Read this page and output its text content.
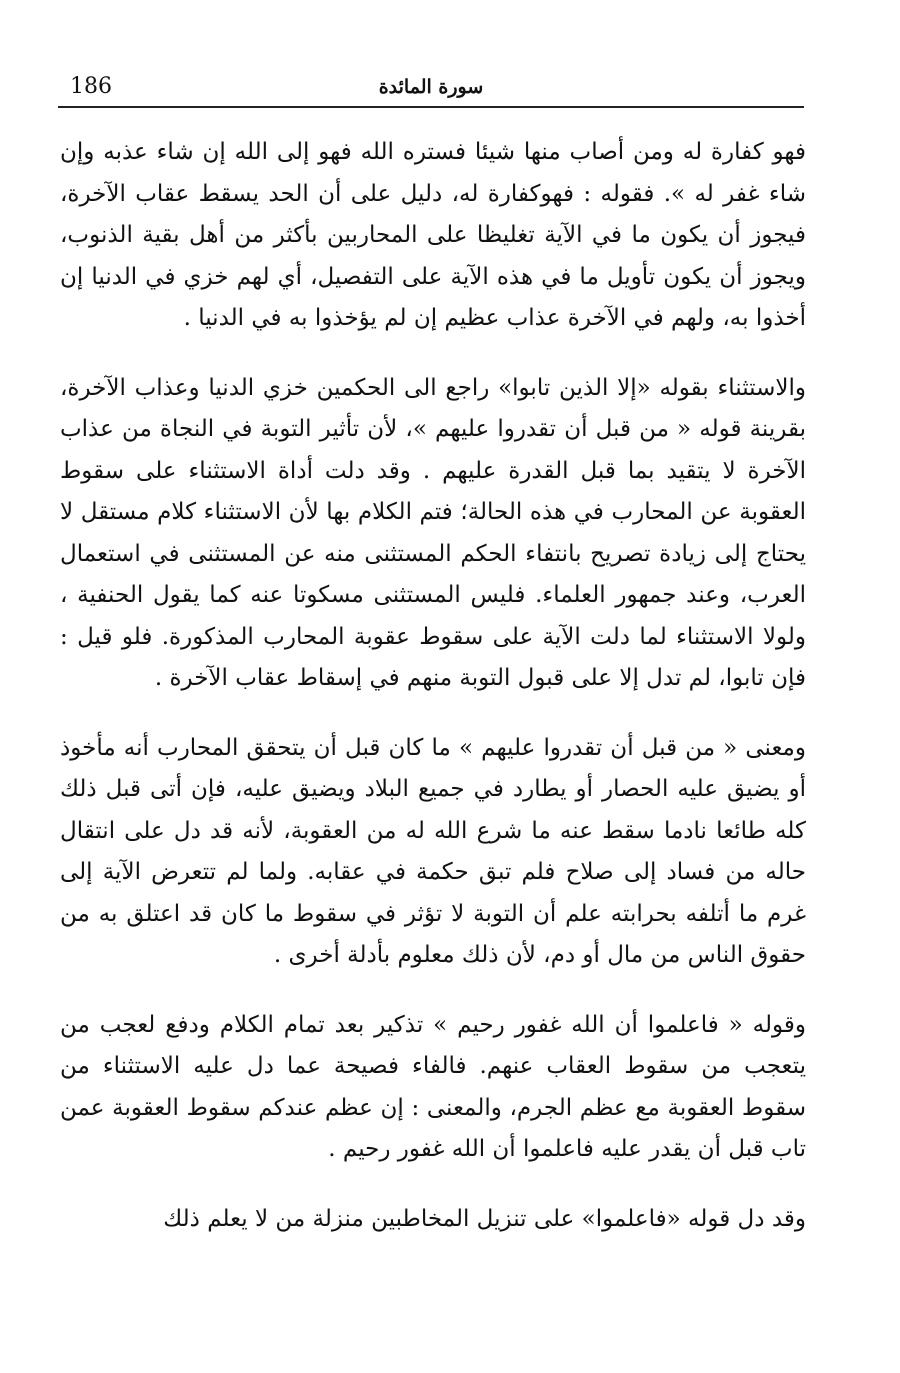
186	سورة المائدة

فهو كفارة له ومن أصاب منها شيئا فستره الله فهو إلى الله إن شاء عذبه وإن شاء غفر له ». فقوله : فهوكفارة له، دليل على أن الحد يسقط عقاب الآخرة، فيجوز أن يكون ما في الآية تغليظا على المحاربين بأكثر من أهل بقية الذنوب، ويجوز أن يكون تأويل ما في هذه الآية على التفصيل، أي لهم خزي في الدنيا إن أخذوا به، ولهم في الآخرة عذاب عظيم إن لم يؤخذوا به في الدنيا .

والاستثناء بقوله «إلا الذين تابوا» راجع الى الحكمين خزي الدنيا وعذاب الآخرة، بقرينة قوله « من قبل أن تقدروا عليهم »، لأن تأثير التوبة في النجاة من عذاب الآخرة لا يتقيد بما قبل القدرة عليهم . وقد دلت أداة الاستثناء على سقوط العقوبة عن المحارب في هذه الحالة؛ فتم الكلام بها لأن الاستثناء كلام مستقل لا يحتاج إلى زيادة تصريح بانتفاء الحكم المستثنى منه عن المستثنى في استعمال العرب، وعند جمهور العلماء. فليس المستثنى مسكوتا عنه كما يقول الحنفية ، ولولا الاستثناء لما دلت الآية على سقوط عقوبة المحارب المذكورة. فلو قيل : فإن تابوا، لم تدل إلا على قبول التوبة منهم في إسقاط عقاب الآخرة .

ومعنى « من قبل أن تقدروا عليهم » ما كان قبل أن يتحقق المحارب أنه مأخوذ أو يضيق عليه الحصار أو يطارد في جميع البلاد ويضيق عليه، فإن أتى قبل ذلك كله طائعا نادما سقط عنه ما شرع الله له من العقوبة، لأنه قد دل على انتقال حاله من فساد إلى صلاح فلم تبق حكمة في عقابه. ولما لم تتعرض الآية إلى غرم ما أتلفه بحرابته علم أن التوبة لا تؤثر في سقوط ما كان قد اعتلق به من حقوق الناس من مال أو دم، لأن ذلك معلوم بأدلة أخرى .

وقوله « فاعلموا أن الله غفور رحيم » تذكير بعد تمام الكلام ودفع لعجب من يتعجب من سقوط العقاب عنهم. فالفاء فصيحة عما دل عليه الاستثناء من سقوط العقوبة مع عظم الجرم، والمعنى : إن عظم عندكم سقوط العقوبة عمن تاب قبل أن يقدر عليه فاعلموا أن الله غفور رحيم .

وقد دل قوله «فاعلموا» على تنزيل المخاطبين منزلة من لا يعلم ذلك
